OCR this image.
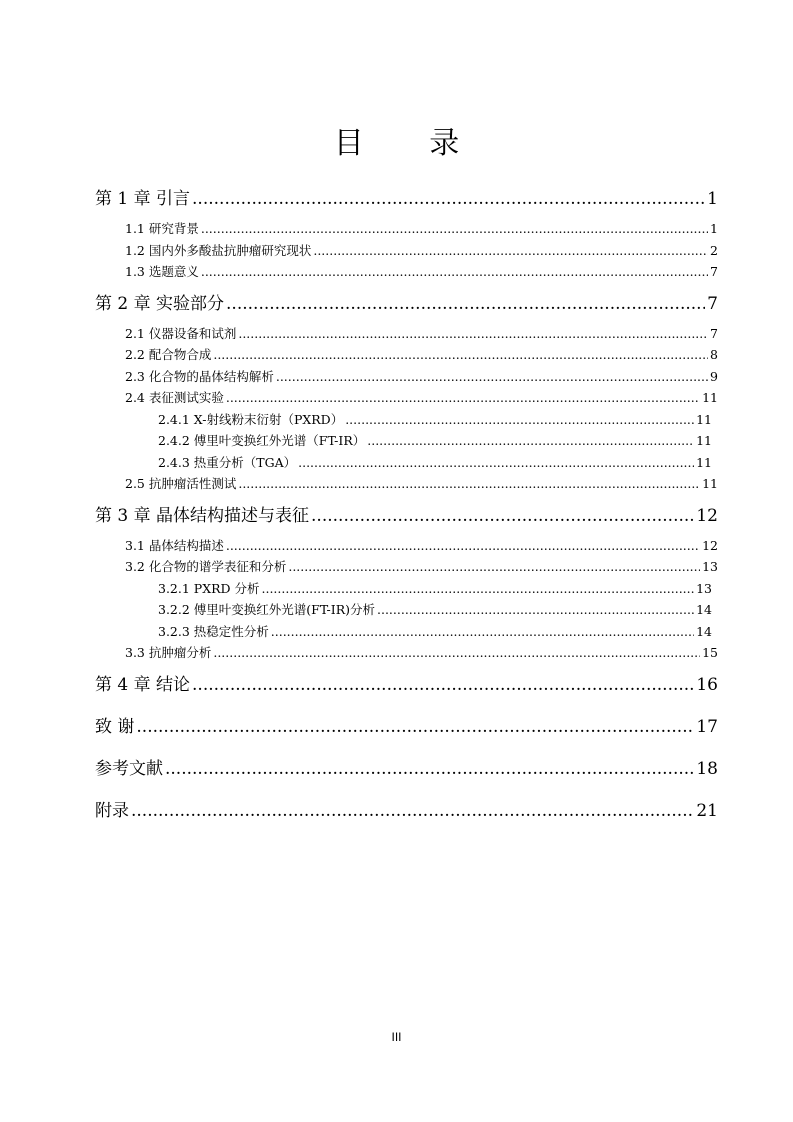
目 录
第 1 章 引言 .....	1
1.1 研究背景 .....	1
1.2 国内外多酸盐抗肿瘤研究现状 .....	2
1.3 选题意义 .....	7
第 2 章 实验部分 .....	7
2.1 仪器设备和试剂 .....	7
2.2 配合物合成 .....	8
2.3 化合物的晶体结构解析 .....	9
2.4 表征测试实验 .....	11
2.4.1 X-射线粉末衍射（PXRD） .....	11
2.4.2 傅里叶变换红外光谱（FT-IR） .....	11
2.4.3 热重分析（TGA） .....	11
2.5 抗肿瘤活性测试 .....	11
第 3 章 晶体结构描述与表征 .....	12
3.1 晶体结构描述 .....	12
3.2 化合物的谱学表征和分析 .....	13
3.2.1 PXRD 分析 .....	13
3.2.2 傅里叶变换红外光谱(FT-IR)分析 .....	14
3.2.3 热稳定性分析 .....	14
3.3 抗肿瘤分析 .....	15
第 4 章 结论 .....	16
致 谢 .....	17
参考文献 .....	18
附录 .....	21
III
